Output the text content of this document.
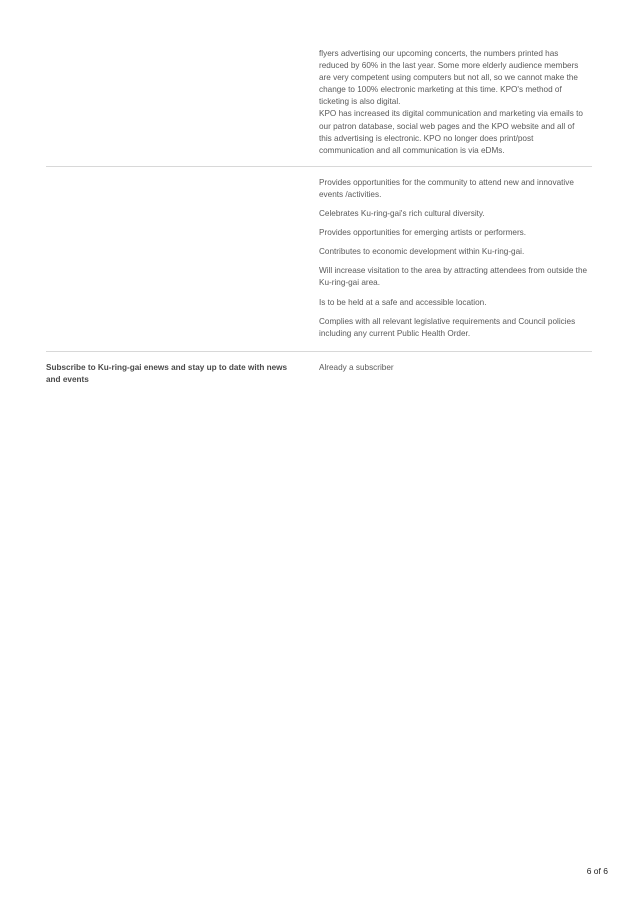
flyers advertising our upcoming concerts, the numbers printed has
reduced by 60% in the last year. Some more elderly audience members
are very competent using computers but not all, so we cannot make the
change to 100% electronic marketing at this time. KPO's method of
ticketing is also digital.
KPO has increased its digital communication and marketing via emails to
our patron database, social web pages and the KPO website and all of
this advertising is electronic. KPO no longer does print/post
communication and all communication is via eDMs.

Provides opportunities for the community to attend new and innovative events /activities.

Celebrates Ku-ring-gai's rich cultural diversity.

Provides opportunities for emerging artists or performers.

Contributes to economic development within Ku-ring-gai.

Will increase visitation to the area by attracting attendees from outside the Ku-ring-gai area.

Is to be held at a safe and accessible location.

Complies with all relevant legislative requirements and Council policies including any current Public Health Order.

Subscribe to Ku-ring-gai enews and stay up to date with news and events
Already a subscriber
6 of 6
